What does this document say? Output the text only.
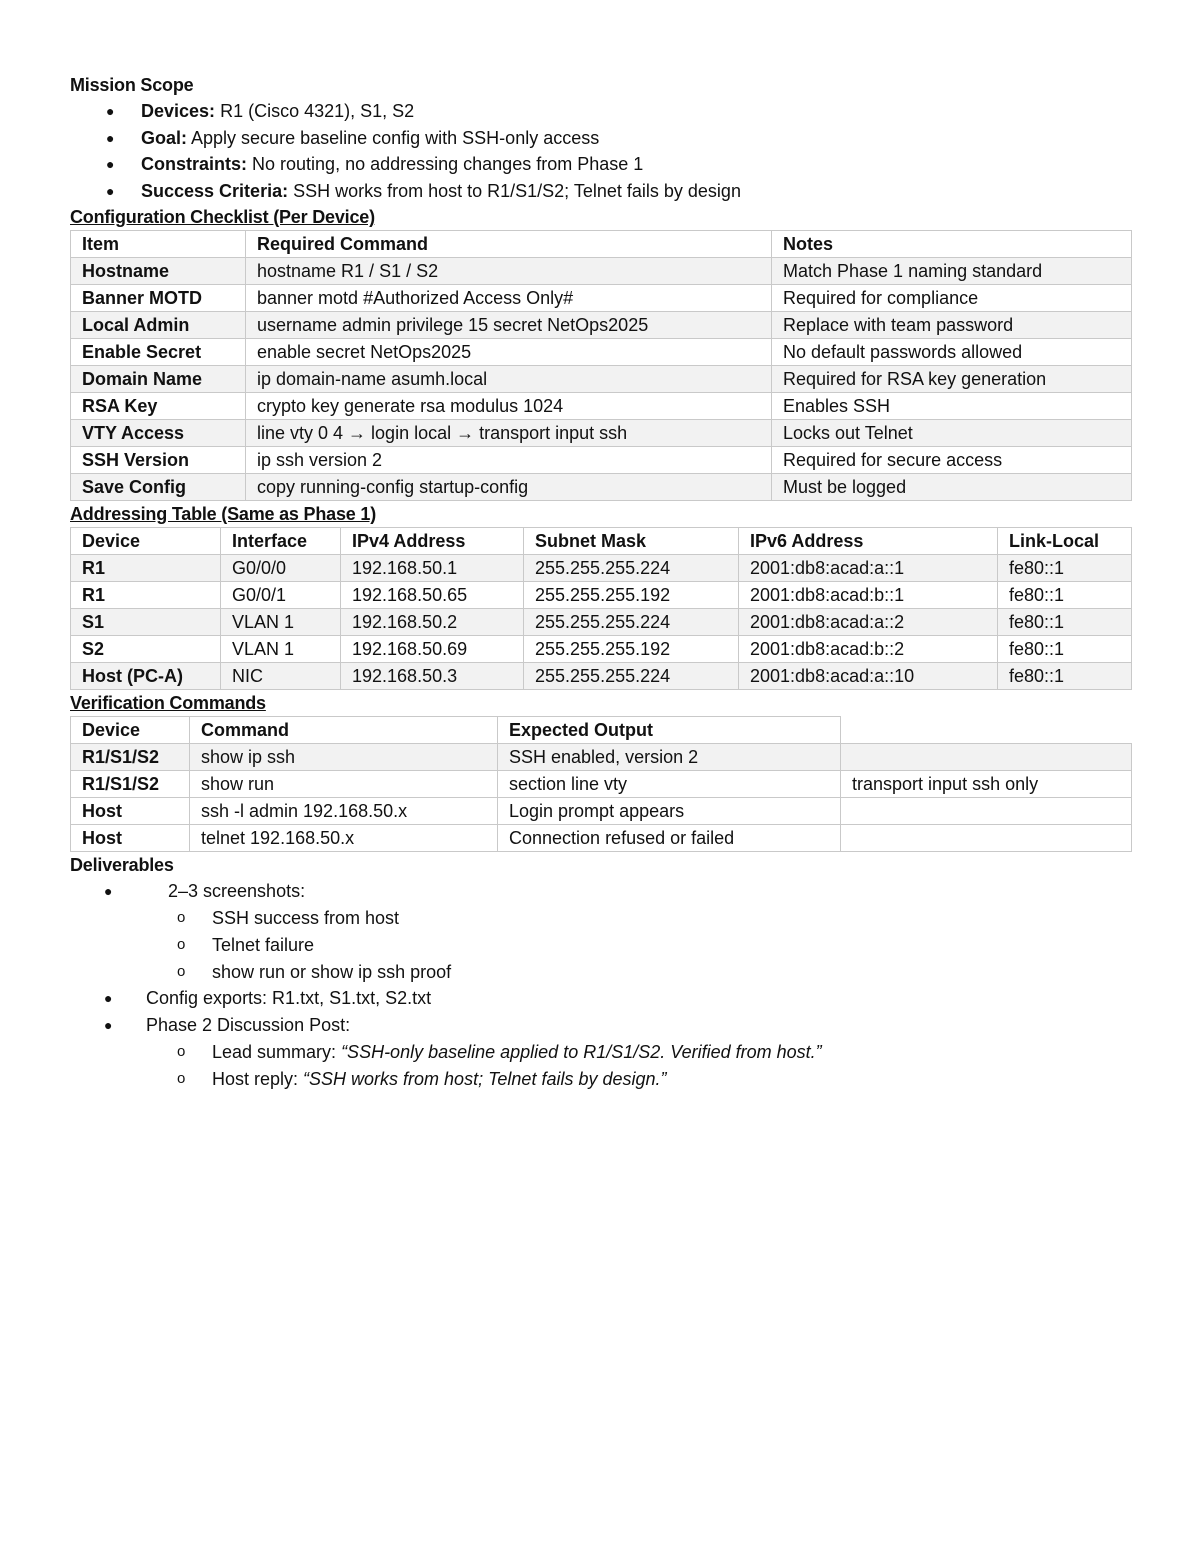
Mission Scope
● Devices: R1 (Cisco 4321), S1, S2
● Goal: Apply secure baseline config with SSH-only access
● Constraints: No routing, no addressing changes from Phase 1
● Success Criteria: SSH works from host to R1/S1/S2; Telnet fails by design
Configuration Checklist (Per Device)
Item	Required Command	Notes
Hostname	hostname R1 / S1 / S2	Match Phase 1 naming standard
Banner MOTD	banner motd #Authorized Access Only#	Required for compliance
Local Admin	username admin privilege 15 secret NetOps2025	Replace with team password
Enable Secret	enable secret NetOps2025	No default passwords allowed
Domain Name	ip domain-name asumh.local	Required for RSA key generation
RSA Key	crypto key generate rsa modulus 1024	Enables SSH
VTY Access	line vty 0 4 → login local → transport input ssh	Locks out Telnet
SSH Version	ip ssh version 2	Required for secure access
Save Config	copy running-config startup-config	Must be logged
Addressing Table (Same as Phase 1)
Device	Interface	IPv4 Address	Subnet Mask	IPv6 Address	Link-Local
R1	G0/0/0	192.168.50.1	255.255.255.224	2001:db8:acad:a::1	fe80::1
R1	G0/0/1	192.168.50.65	255.255.255.192	2001:db8:acad:b::1	fe80::1
S1	VLAN 1	192.168.50.2	255.255.255.224	2001:db8:acad:a::2	fe80::1
S2	VLAN 1	192.168.50.69	255.255.255.192	2001:db8:acad:b::2	fe80::1
Host (PC-A)	NIC	192.168.50.3	255.255.255.224	2001:db8:acad:a::10	fe80::1
Verification Commands
Device	Command	Expected Output	
R1/S1/S2	show ip ssh	SSH enabled, version 2	
R1/S1/S2	show run	section line vty	transport input ssh only
Host	ssh -l admin 192.168.50.x	Login prompt appears	
Host	telnet 192.168.50.x	Connection refused or failed	
Deliverables
●	2–3 screenshots:
o SSH success from host
o Telnet failure
o show run or show ip ssh proof
● Config exports: R1.txt, S1.txt, S2.txt
● Phase 2 Discussion Post:
o Lead summary: “SSH-only baseline applied to R1/S1/S2. Verified from host.”
o Host reply: “SSH works from host; Telnet fails by design.”
